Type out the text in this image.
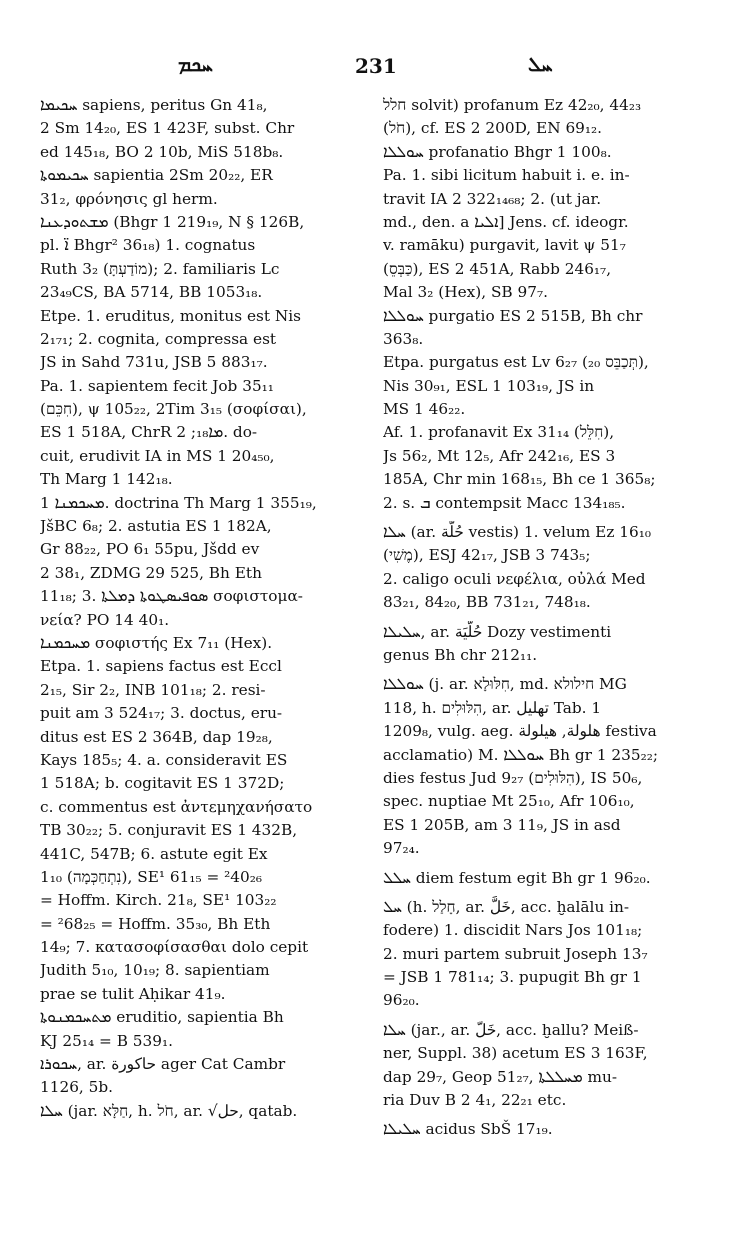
ܚܟܡ	231	ܚܠ
ܚܟܝܡܐ sapiens, peritus Gn 41₈,
2 Sm 14₂₀, ES 1 423F, subst. Chr
ed 145₁₈, BO 2 10b, MiS 518b₈.
ܚܟܝܡܘܬܐ sapientia 2Sm 20₂₂, ER
31₂, φρόνησις gl herm.
ܡܫܬܘܕܥܢܐ (Bhgr 1 219₁₉, N § 126B,
pl. ܐ̈ Bhgr² 36₁₈) 1. cognatus
Ruth 3₂ (מוֹדַעְתָּ); 2. familiaris Lc
23₄₉CS, BA 5714, BB 1053₁₈.
Etpe. 1. eruditus, monitus est Nis
2₁₇₁; 2. cognita, compressa est
JS in Sahd 731u, JSB 5 883₁₇.
Pa. 1. sapientem fecit Job 35₁₁
(חִכֵּם), ψ 105₂₂, 2Tim 3₁₅ (σοφίσαι),
ES 1 518A, ChrR ܡܐ₁₈; 2. do-
cuit, erudivit IA in MS 1 20₄₅₀,
Th Marg 1 142₁₈.
ܡܚܟܡܢܐ 1. doctrina Th Marg 1 355₁₉,
JšBC 6₈; 2. astutia ES 1 182A,
Gr 88₂₂, PO 6₁ 55pu, Jšdd ev
2 38₁, ZDMG 29 525, Bh Eth
11₁₈; 3. ܣܘܦܝܣܛܘܬܐ ܕܡܠܬܐ σοφιστομα-
νεία? PO 14 40₁.
ܡܚܟܡܢܐ σοφιστής Ex 7₁₁ (Hex).
Etpa. 1. sapiens factus est Eccl
2₁₅, Sir 2₂, INB 101₁₈; 2. resi-
puit am 3 524₁₇; 3. doctus, eru-
ditus est ES 2 364B, dap 19₂₈,
Kays 185₅; 4. a. consideravit ES
1 518A; b. cogitavit ES 1 372D;
c. commentus est ἀντεμηχανήσατο
TB 30₂₂; 5. conjuravit ES 1 432B,
441C, 547B; 6. astute egit Ex
1₁₀ (נִתְחַכְּמָה), SE¹ 61₁₅ = ²40₂₆
= Hoffm. Kirch. 21₈, SE¹ 103₂₂
= ²68₂₅ = Hoffm. 35₃₀, Bh Eth
14₉; 7. κατασοφίσασθαι dolo cepit
Judith 5₁₀, 10₁₉; 8. sapientiam
prae se tulit Aḥikar 41₉.
ܡܬܚܟܡܢܘܬܐ eruditio, sapientia Bh
KJ 25₁₄ = B 539₁.
ܚܟܘܪܐ, ar. حاكورة ager Cat Cambr
1126, 5b.
ܚܠܐ (jar. חַלָּא, h. חֹל, ar. √حل, qatab.
חלל solvit) profanum Ez 42₂₀, 44₂₃
(חֹל), cf. ES 2 200D, EN 69₁₂.
ܚܘܠܠܐ profanatio Bhgr 1 100₈.
Pa. 1. sibi licitum habuit i. e. in-
travit IA 2 322₁₄₆₈; 2. (ut jar.
md., den. a ܐܠܝܐ] Jens. cf. ideogr.
v. ramāku) purgavit, lavit ψ 51₇
(כַּבְּסֵ), ES 2 451A, Rabb 246₁₇,
Mal 3₂ (Hex), SB 97₇.
ܚܘܠܠܐ purgatio ES 2 515B, Bh chr
363₈.
Etpa. purgatus est Lv 6₂₇ (₂₀ תְּכַבֵּס),
Nis 30₉₁, ESL 1 103₁₉, JS in
MS 1 46₂₂.
Af. 1. profanavit Ex 31₁₄ (חִלֵּל),
Js 56₂, Mt 12₅, Afr 242₁₆, ES 3
185A, Chr min 168₁₅, Bh ce 1 365₈;
2. s. ܒ contempsit Macc 134₁₈₅.
ܚܠܐ (ar. حُلَّة vestis) 1. velum Ez 16₁₀
(מֶשִׁי), ESJ 42₁₇, JSB 3 743₅;
2. caligo oculi νεφέλια, οὐλά Med
83₂₁, 84₂₀, BB 731₂₁, 748₁₈.
ܚܠܝܠܐ, ar. حُلَّيَة Dozy vestimenti
genus Bh chr 212₁₁.
ܚܘܠܠܐ (j. ar. חִלּוּלָא, md. חילולא MG
118, h. הִלּוּלִים, ar. تهليل Tab. 1
1209₈, vulg. aeg. هلولة, هيلولة festiva
acclamatio) M. ܚܘܠܠܐ Bh gr 1 235₂₂;
dies festus Jud 9₂₇ (הִלּוּלִים), IS 50₆,
spec. nuptiae Mt 25₁₀, Afr 106₁₀,
ES 1 205B, am 3 11₉, JS in asd
97₂₄.
ܚܠܠ diem festum egit Bh gr 1 96₂₀.
ܚܠ (h. חָלַל, ar. خَلَّ, acc. ḫalālu in-
fodere) 1. discidit Nars Jos 101₁₈;
2. muri partem subruit Joseph 13₇
= JSB 1 781₁₄; 3. pupugit Bh gr 1
96₂₀.
ܚܠܐ (jar., ar. خَلّ, acc. ḫallu? Meiß-
ner, Suppl. 38) acetum ES 3 163F,
dap 29₇, Geop 51₂₇, ܡܚܠܠܬܐ mu-
ria Duv B 2 4₁, 22₂₁ etc.
ܚܠܝܠܐ acidus SbŠ 17₁₉.
